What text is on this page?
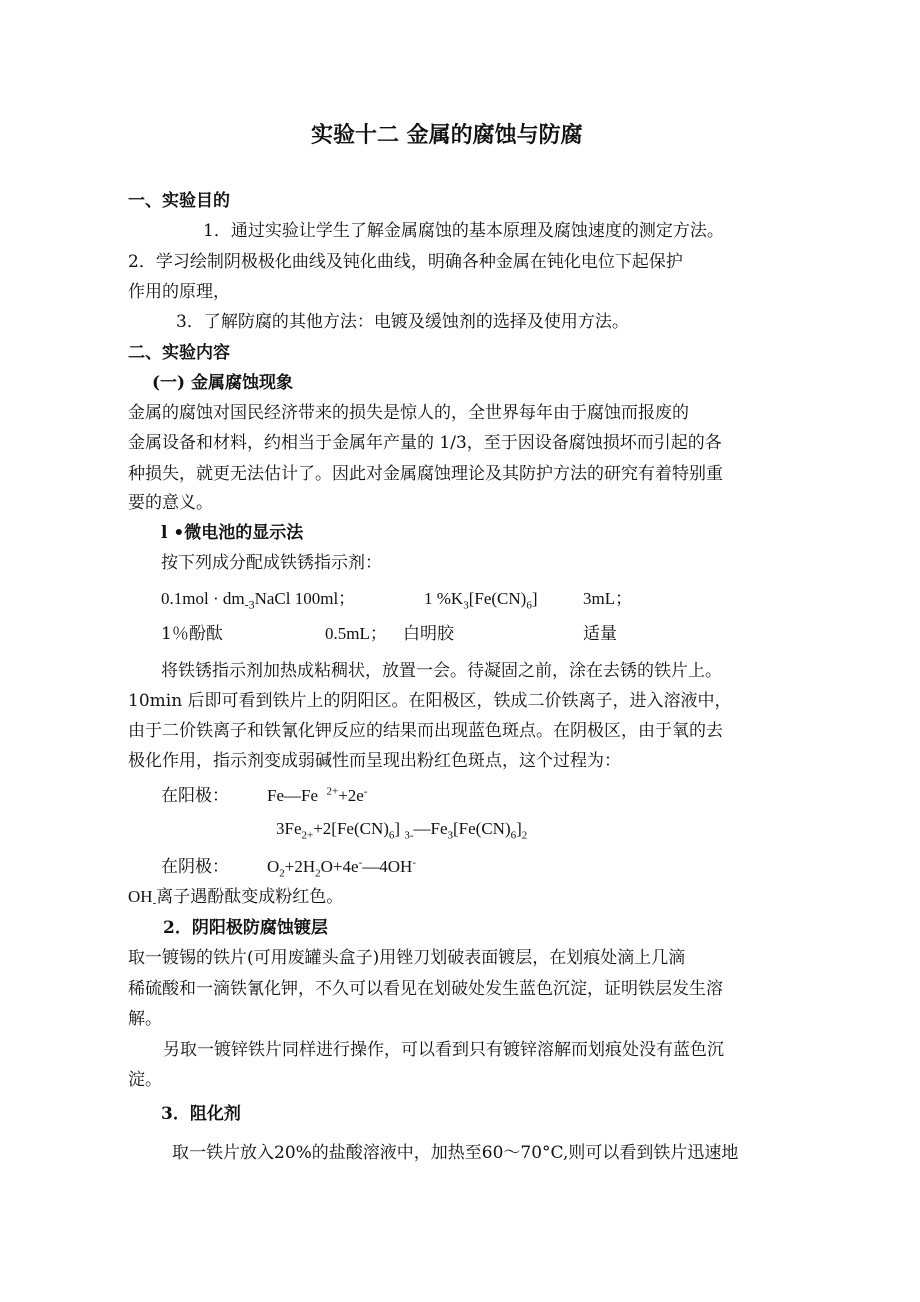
实验十二 金属的腐蚀与防腐
一、实验目的
1．通过实验让学生了解金属腐蚀的基本原理及腐蚀速度的测定方法。
2．学习绘制阴极极化曲线及钝化曲线，明确各种金属在钝化电位下起保护
作用的原理，
3．了解防腐的其他方法：电镀及缓蚀剂的选择及使用方法。
二、实验内容
(一) 金属腐蚀现象
金属的腐蚀对国民经济带来的损失是惊人的，全世界每年由于腐蚀而报废的
金属设备和材料，约相当于金属年产量的 1/3，至于因设备腐蚀损坏而引起的各
种损失，就更无法估计了。因此对金属腐蚀理论及其防护方法的研究有着特别重
要的意义。
l •微电池的显示法
按下列成分配成铁锈指示剂：
$0.1mol \cdot dm_{-3}NaCl$ 100ml；	1 $\%K_3[Fe(CN)_6]$	3mL；
1％酚酞	0.5mL； 白明胶	适量
将铁锈指示剂加热成粘稠状，放置一会。待凝固之前，涂在去锈的铁片上。
10min 后即可看到铁片上的阴阳区。在阳极区，铁成二价铁离子，进入溶液中，
由于二价铁离子和铁氰化钾反应的结果而出现蓝色斑点。在阴极区，由于氧的去
极化作用，指示剂变成弱碱性而呈现出粉红色斑点，这个过程为：
在阳极： Fe—Fe $^{2+}$+2e-
$3Fe_{2+}+2[Fe(CN)_6]$ $_{3-}—Fe_3[Fe(CN)_6]_2$
在阴极： $O_2+2H_2O+4e^-—4OH^-$
$OH_-$离子遇酚酞变成粉红色。
2．阴阳极防腐蚀镀层
取一镀锡的铁片(可用废罐头盒子)用锉刀划破表面镀层，在划痕处滴上几滴
稀硫酸和一滴铁氰化钾，不久可以看见在划破处发生蓝色沉淀，证明铁层发生溶
解。
另取一镀锌铁片同样进行操作，可以看到只有镀锌溶解而划痕处没有蓝色沉
淀。
3．阻化剂
取一铁片放入20%的盐酸溶液中，加热至60～70°C,则可以看到铁片迅速地
